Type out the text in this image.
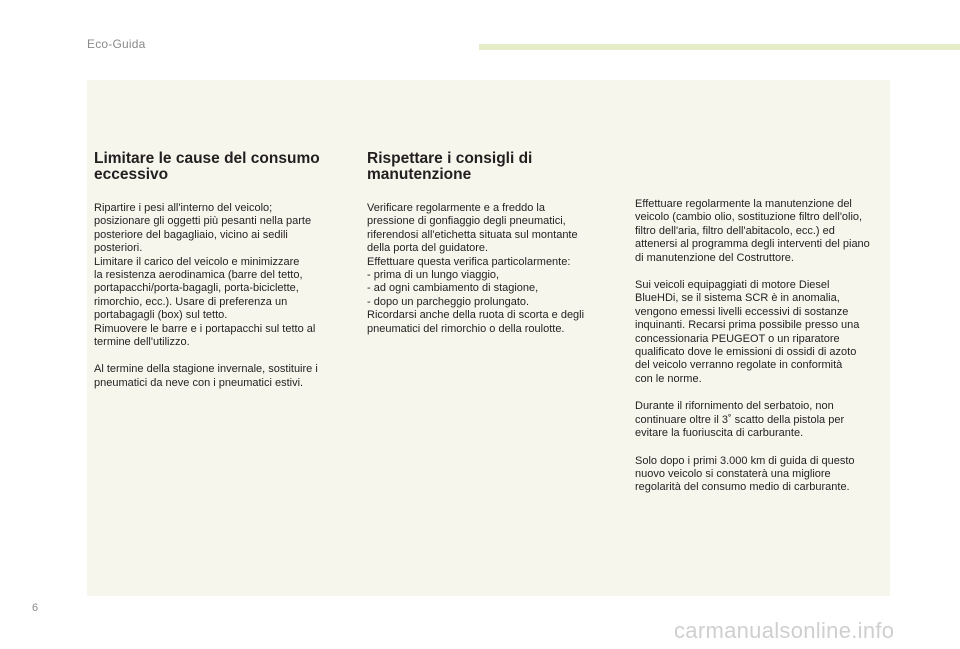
Eco-Guida
Limitare le cause del consumo
eccessivo

Ripartire i pesi all'interno del veicolo;
posizionare gli oggetti più pesanti nella parte
posteriore del bagagliaio, vicino ai sedili
posteriori.
Limitare il carico del veicolo e minimizzare
la resistenza aerodinamica (barre del tetto,
portapacchi/porta-bagagli, porta-biciclette,
rimorchio, ecc.). Usare di preferenza un
portabagagli (box) sul tetto.
Rimuovere le barre e i portapacchi sul tetto al
termine dell'utilizzo.

Al termine della stagione invernale, sostituire i
pneumatici da neve con i pneumatici estivi.

Rispettare i consigli di
manutenzione

Verificare regolarmente e a freddo la
pressione di gonfiaggio degli pneumatici,
riferendosi all'etichetta situata sul montante
della porta del guidatore.
Effettuare questa verifica particolarmente:
- prima di un lungo viaggio,
- ad ogni cambiamento di stagione,
- dopo un parcheggio prolungato.
Ricordarsi anche della ruota di scorta e degli
pneumatici del rimorchio o della roulotte.

Effettuare regolarmente la manutenzione del
veicolo (cambio olio, sostituzione filtro dell'olio,
filtro dell'aria, filtro dell'abitacolo, ecc.) ed
attenersi al programma degli interventi del piano
di manutenzione del Costruttore.

Sui veicoli equipaggiati di motore Diesel
BlueHDi, se il sistema SCR è in anomalia,
vengono emessi livelli eccessivi di sostanze
inquinanti. Recarsi prima possibile presso una
concessionaria PEUGEOT o un riparatore
qualificato dove le emissioni di ossidi di azoto
del veicolo verranno regolate in conformità
con le norme.

Durante il rifornimento del serbatoio, non
continuare oltre il 3˚ scatto della pistola per
evitare la fuoriuscita di carburante.

Solo dopo i primi 3.000 km di guida di questo
nuovo veicolo si constaterà una migliore
regolarità del consumo medio di carburante.

6
carmanualsonline.info
